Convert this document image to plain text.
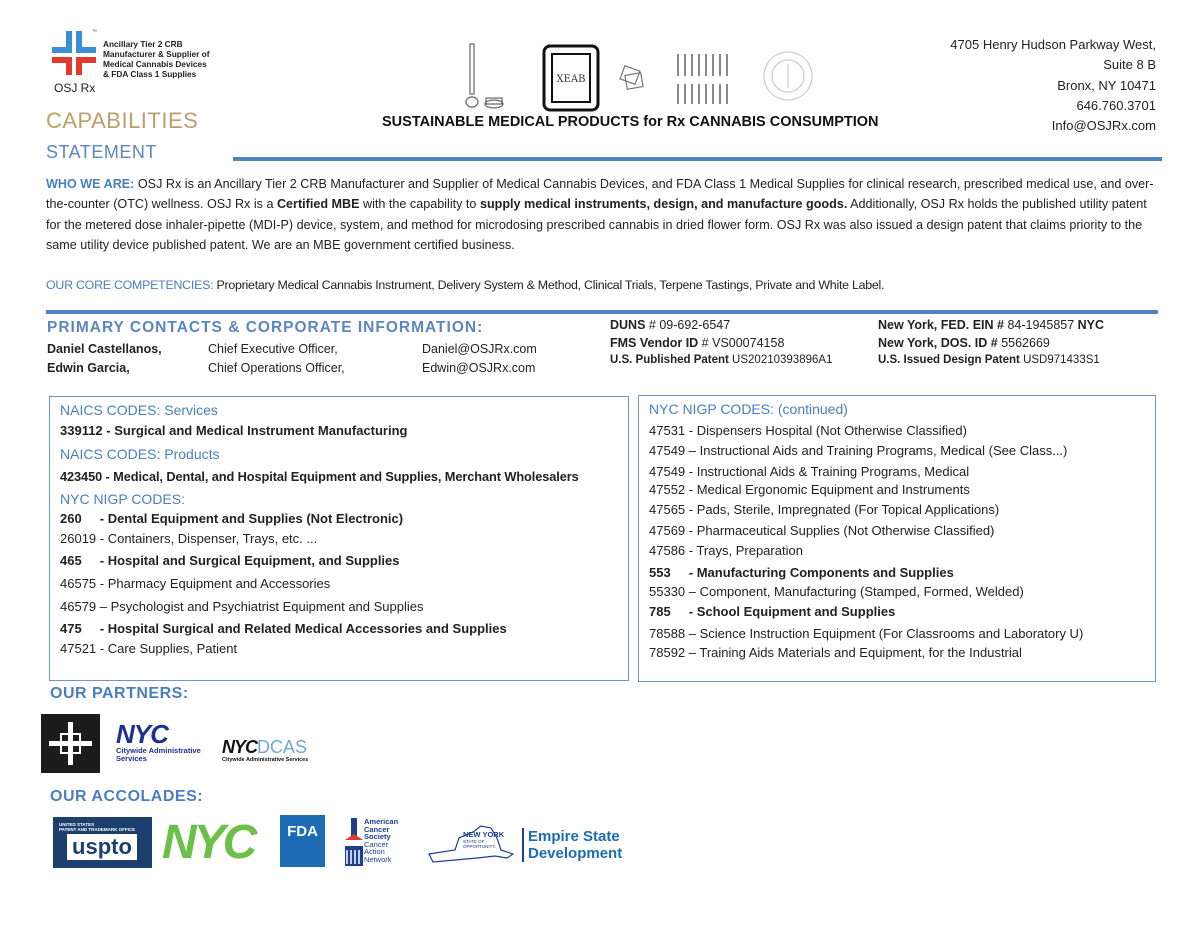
™
Ancillary Tier 2 CRB
Manufacturer & Supplier of
Medical Cannabis Devices
& FDA Class 1 Supplies
OSJ Rx
CAPABILITIES
STATEMENT
XEAB
SUSTAINABLE MEDICAL PRODUCTS for Rx CANNABIS CONSUMPTION
4705 Henry Hudson Parkway West,
Suite 8 B
Bronx, NY 10471
646.760.3701
Info@OSJRx.com
WHO WE ARE: OSJ Rx is an Ancillary Tier 2 CRB Manufacturer and Supplier of Medical Cannabis Devices, and FDA Class 1 Medical Supplies for clinical research, prescribed medical use, and over-the-counter (OTC) wellness. OSJ Rx is a Certified MBE with the capability to supply medical instruments, design, and manufacture goods. Additionally, OSJ Rx holds the published utility patent for the metered dose inhaler-pipette (MDI-P) device, system, and method for microdosing prescribed cannabis in dried flower form. OSJ Rx was also issued a design patent that claims priority to the same utility device published patent. We are an MBE government certified business.
OUR CORE COMPETENCIES: Proprietary Medical Cannabis Instrument, Delivery System & Method, Clinical Trials, Terpene Tastings, Private and White Label.
PRIMARY CONTACTS & CORPORATE INFORMATION:
Daniel Castellanos,	Chief Executive Officer,	Daniel@OSJRx.com
Edwin Garcia,	Chief Operations Officer,	Edwin@OSJRx.com
DUNS # 09-692-6547
FMS Vendor ID # VS00074158
U.S. Published Patent US20210393896A1
New York, FED. EIN # 84-1945857 NYC
New York, DOS. ID # 5562669
U.S. Issued Design Patent USD971433S1
NAICS CODES: Services
339112 - Surgical and Medical Instrument Manufacturing
NAICS CODES: Products
423450 - Medical, Dental, and Hospital Equipment and Supplies, Merchant Wholesalers
NYC NIGP CODES:
260     - Dental Equipment and Supplies (Not Electronic)
26019 - Containers, Dispenser, Trays, etc. ...
465     - Hospital and Surgical Equipment, and Supplies
46575 - Pharmacy Equipment and Accessories
46579 – Psychologist and Psychiatrist Equipment and Supplies
475     - Hospital Surgical and Related Medical Accessories and Supplies
47521 - Care Supplies, Patient
NYC NIGP CODES: (continued)
47531 - Dispensers Hospital (Not Otherwise Classified)
47549 – Instructional Aids and Training Programs, Medical (See Class...)
47549 - Instructional Aids & Training Programs, Medical
47552 - Medical Ergonomic Equipment and Instruments
47565 - Pads, Sterile, Impregnated (For Topical Applications)
47569 - Pharmaceutical Supplies (Not Otherwise Classified)
47586 - Trays, Preparation
553     - Manufacturing Components and Supplies
55330 – Component, Manufacturing (Stamped, Formed, Welded)
785     - School Equipment and Supplies
78588 – Science Instruction Equipment (For Classrooms and Laboratory U)
78592 – Training Aids Materials and Equipment, for the Industrial
OUR PARTNERS:
NYC
Citywide Administrative
Services
NYCDCAS
Citywide Administrative Services
OUR ACCOLADES:
UNITED STATES
PATENT AND TRADEMARK OFFICE
uspto NYC	FDA
American
Cancer
Society
Cancer
Action
Network
NEW YORK
STATE OF
OPPORTUNITY.
Empire State
Development
